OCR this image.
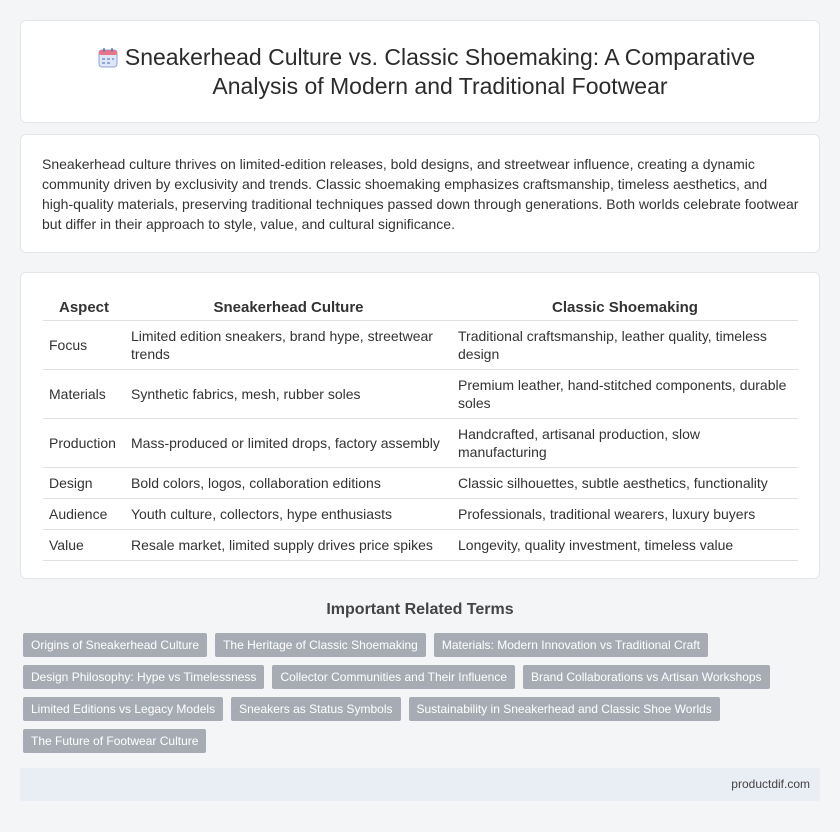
Sneakerhead Culture vs. Classic Shoemaking: A Comparative Analysis of Modern and Traditional Footwear

Sneakerhead culture thrives on limited-edition releases, bold designs, and streetwear influence, creating a dynamic community driven by exclusivity and trends. Classic shoemaking emphasizes craftsmanship, timeless aesthetics, and high-quality materials, preserving traditional techniques passed down through generations. Both worlds celebrate footwear but differ in their approach to style, value, and cultural significance.

Aspect	Sneakerhead Culture	Classic Shoemaking
Focus	Limited edition sneakers, brand hype, streetwear trends	Traditional craftsmanship, leather quality, timeless design
Materials	Synthetic fabrics, mesh, rubber soles	Premium leather, hand-stitched components, durable soles
Production	Mass-produced or limited drops, factory assembly	Handcrafted, artisanal production, slow manufacturing
Design	Bold colors, logos, collaboration editions	Classic silhouettes, subtle aesthetics, functionality
Audience	Youth culture, collectors, hype enthusiasts	Professionals, traditional wearers, luxury buyers
Value	Resale market, limited supply drives price spikes	Longevity, quality investment, timeless value
Important Related Terms
Origins of Sneakerhead Culture	The Heritage of Classic Shoemaking	Materials: Modern Innovation vs Traditional Craft
Design Philosophy: Hype vs Timelessness	Collector Communities and Their Influence	Brand Collaborations vs Artisan Workshops
Limited Editions vs Legacy Models	Sneakers as Status Symbols	Sustainability in Sneakerhead and Classic Shoe Worlds
The Future of Footwear Culture
productdif.com
